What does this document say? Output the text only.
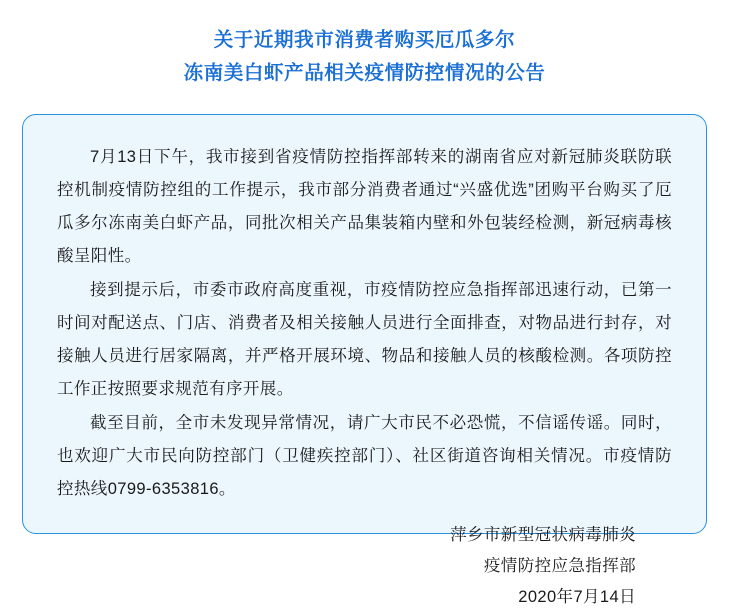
关于近期我市消费者购买厄瓜多尔
冻南美白虾产品相关疫情防控情况的公告

7月13日下午，我市接到省疫情防控指挥部转来的湖南省应对新冠肺炎联防联控机制疫情防控组的工作提示，我市部分消费者通过“兴盛优选”团购平台购买了厄瓜多尔冻南美白虾产品，同批次相关产品集装箱内壁和外包装经检测，新冠病毒核酸呈阳性。

接到提示后，市委市政府高度重视，市疫情防控应急指挥部迅速行动，已第一时间对配送点、门店、消费者及相关接触人员进行全面排查，对物品进行封存，对接触人员进行居家隔离，并严格开展环境、物品和接触人员的核酸检测。各项防控工作正按照要求规范有序开展。

截至目前，全市未发现异常情况，请广大市民不必恐慌，不信谣传谣。同时，也欢迎广大市民向防控部门（卫健疾控部门）、社区街道咨询相关情况。市疫情防控热线0799-6353816。

萍乡市新型冠状病毒肺炎
疫情防控应急指挥部
2020年7月14日
